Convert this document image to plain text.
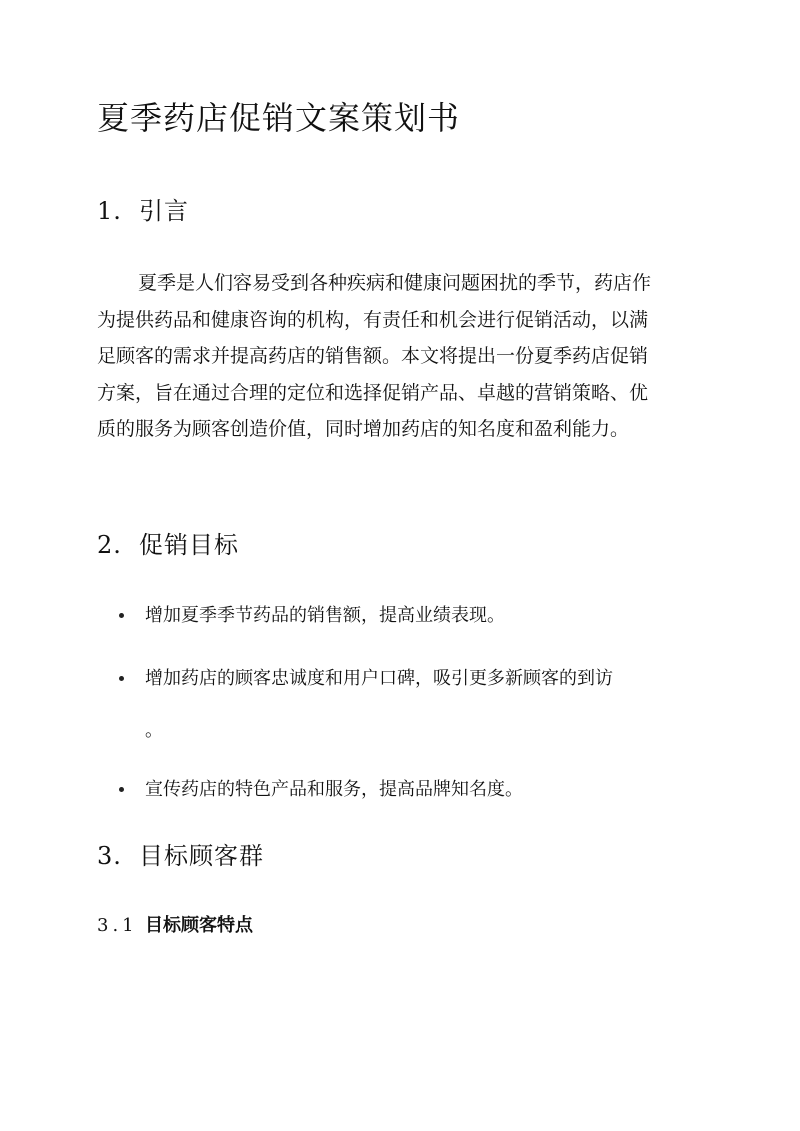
夏季药店促销文案策划书
1. 引言
夏季是人们容易受到各种疾病和健康问题困扰的季节，药店作
为提供药品和健康咨询的机构，有责任和机会进行促销活动，以满
足顾客的需求并提高药店的销售额。本文将提出一份夏季药店促销
方案，旨在通过合理的定位和选择促销产品、卓越的营销策略、优
质的服务为顾客创造价值，同时增加药店的知名度和盈利能力。
2. 促销目标
增加夏季季节药品的销售额，提高业绩表现。
增加药店的顾客忠诚度和用户口碑，吸引更多新顾客的到访
。
宣传药店的特色产品和服务，提高品牌知名度。
3. 目标顾客群
3.1 目标顾客特点
